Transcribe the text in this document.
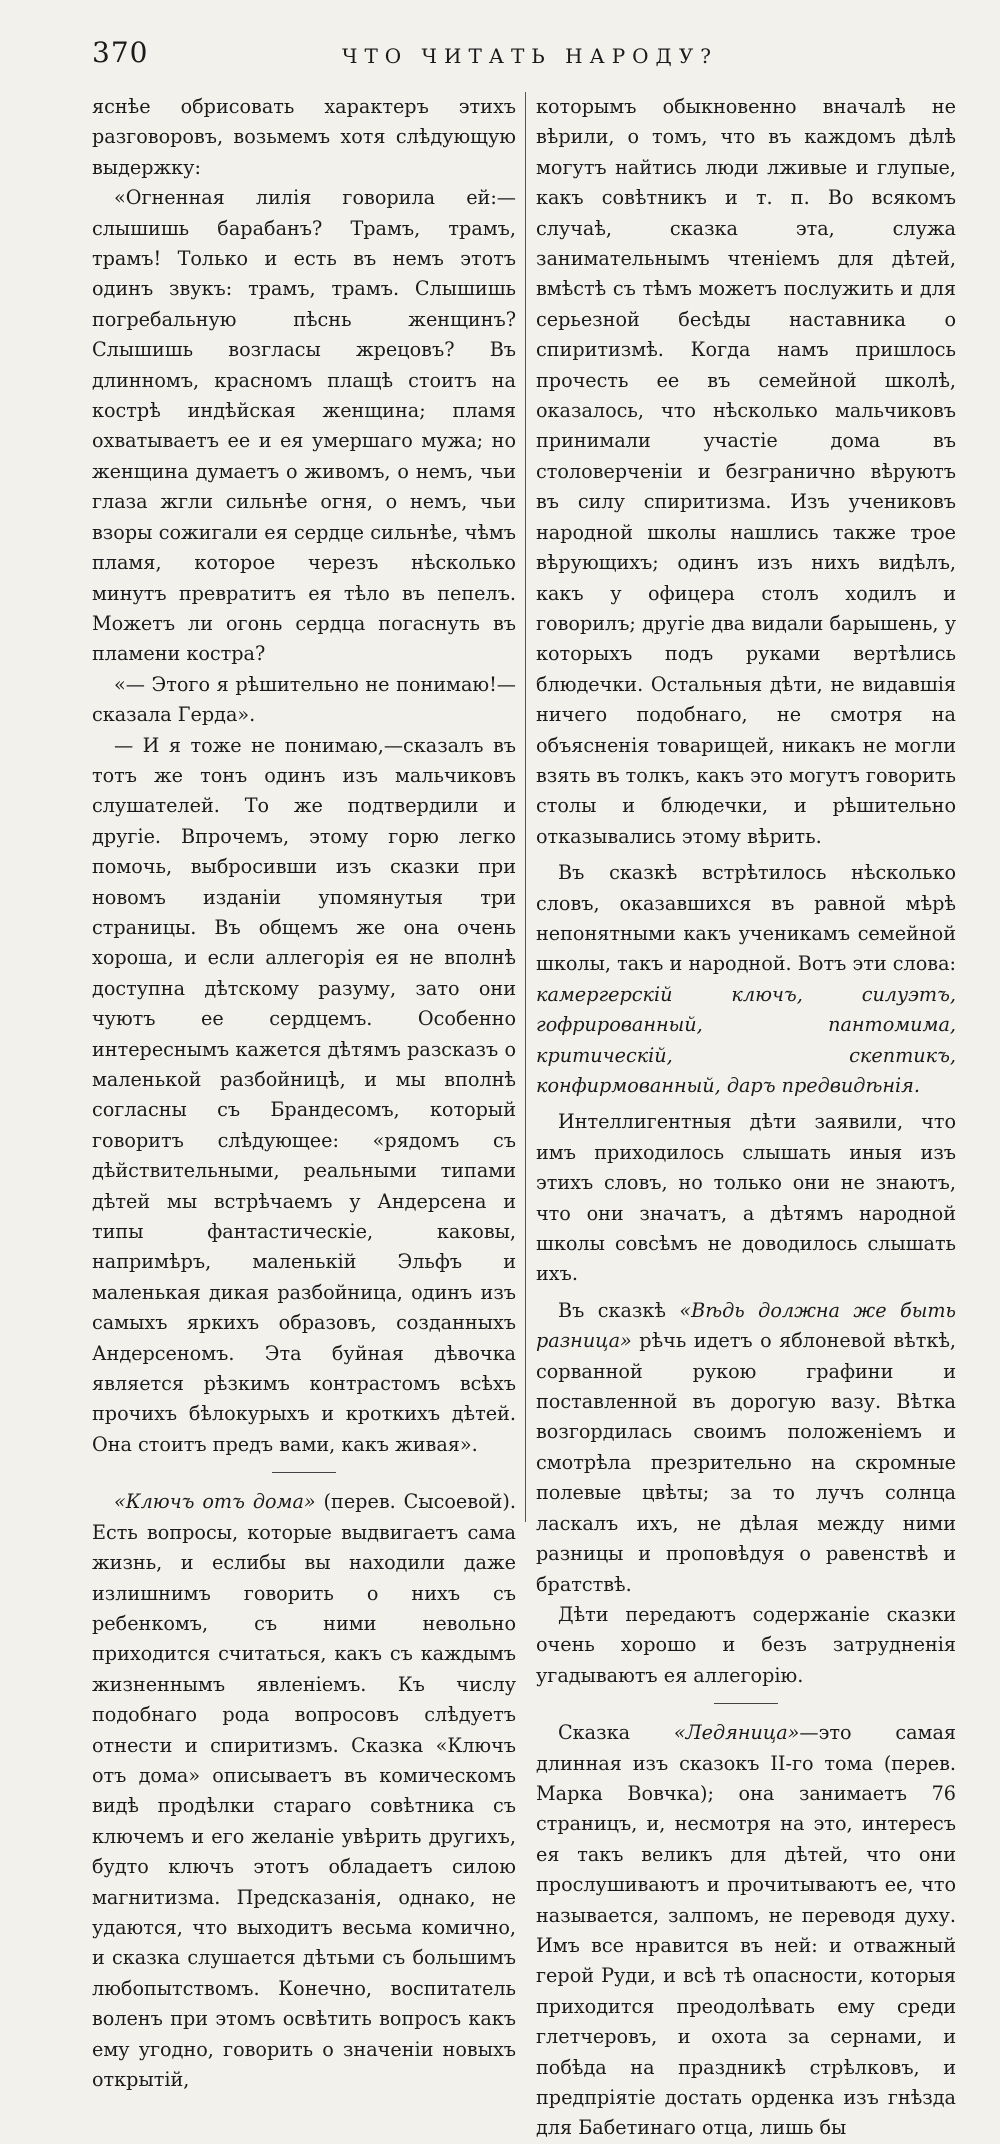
370	ЧТО ЧИТАТЬ НАРОДУ?

яснѣе обрисовать характеръ этихъ разговоровъ, возьмемъ хотя слѣдующую выдержку:

«Огненная лилія говорила ей:—слышишь барабанъ? Трамъ, трамъ, трамъ! Только и есть въ немъ этотъ одинъ звукъ: трамъ, трамъ. Слышишь погребальную пѣснь женщинъ? Слышишь возгласы жрецовъ? Въ длинномъ, красномъ плащѣ стоитъ на кострѣ индѣйская женщина; пламя охватываетъ ее и ея умершаго мужа; но женщина думаетъ о живомъ, о немъ, чьи глаза жгли сильнѣе огня, о немъ, чьи взоры сожигали ея сердце сильнѣе, чѣмъ пламя, которое черезъ нѣсколько минутъ превратитъ ея тѣло въ пепелъ. Можетъ ли огонь сердца погаснуть въ пламени костра?

«— Этого я рѣшительно не понимаю!—сказала Герда».

— И я тоже не понимаю,—сказалъ въ тотъ же тонъ одинъ изъ мальчиковъ слушателей. То же подтвердили и другіе. Впрочемъ, этому горю легко помочь, выбросивши изъ сказки при новомъ изданіи упомянутыя три страницы. Въ общемъ же она очень хороша, и если аллегорія ея не вполнѣ доступна дѣтскому разуму, зато они чуютъ ее сердцемъ. Особенно интереснымъ кажется дѣтямъ разсказъ о маленькой разбойницѣ, и мы вполнѣ согласны съ Брандесомъ, который говоритъ слѣдующее: «рядомъ съ дѣйствительными, реальными типами дѣтей мы встрѣчаемъ у Андерсена и типы фантастическіе, каковы, напримѣръ, маленькій Эльфъ и маленькая дикая разбойница, одинъ изъ самыхъ яркихъ образовъ, созданныхъ Андерсеномъ. Эта буйная дѣвочка является рѣзкимъ контрастомъ всѣхъ прочихъ бѣлокурыхъ и кроткихъ дѣтей. Она стоитъ предъ вами, какъ живая».

«Ключъ отъ дома» (перев. Сысоевой). Есть вопросы, которые выдвигаетъ сама жизнь, и еслибы вы находили даже излишнимъ говорить о нихъ съ ребенкомъ, съ ними невольно приходится считаться, какъ съ каждымъ жизненнымъ явленіемъ. Къ числу подобнаго рода вопросовъ слѣдуетъ отнести и спиритизмъ. Сказка «Ключъ отъ дома» описываетъ въ комическомъ видѣ продѣлки стараго совѣтника съ ключемъ и его желаніе увѣрить другихъ, будто ключъ этотъ обладаетъ силою магнитизма. Предсказанія, однако, не удаются, что выходитъ весьма комично, и сказка слушается дѣтьми съ большимъ любопытствомъ. Конечно, воспитатель воленъ при этомъ освѣтить вопросъ какъ ему угодно, говорить о значеніи новыхъ открытій,

которымъ обыкновенно вначалѣ не вѣрили, о томъ, что въ каждомъ дѣлѣ могутъ найтись люди лживые и глупые, какъ совѣтникъ и т. п. Во всякомъ случаѣ, сказка эта, служа занимательнымъ чтеніемъ для дѣтей, вмѣстѣ съ тѣмъ можетъ послужить и для серьезной бесѣды наставника о спиритизмѣ. Когда намъ пришлось прочесть ее въ семейной школѣ, оказалось, что нѣсколько мальчиковъ принимали участіе дома въ столоверченіи и безгранично вѣруютъ въ силу спиритизма. Изъ учениковъ народной школы нашлись также трое вѣрующихъ; одинъ изъ нихъ видѣлъ, какъ у офицера столъ ходилъ и говорилъ; другіе два видали барышень, у которыхъ подъ руками вертѣлись блюдечки. Остальныя дѣти, не видавшія ничего подобнаго, не смотря на объясненія товарищей, никакъ не могли взять въ толкъ, какъ это могутъ говорить столы и блюдечки, и рѣшительно отказывались этому вѣрить.

Въ сказкѣ встрѣтилось нѣсколько словъ, оказавшихся въ равной мѣрѣ непонятными какъ ученикамъ семейной школы, такъ и народной. Вотъ эти слова: камергерскій ключъ, силуэтъ, гофрированный, пантомима, критическій, скептикъ, конфирмованный, даръ предвидѣнія.

Интеллигентныя дѣти заявили, что имъ приходилось слышать иныя изъ этихъ словъ, но только они не знаютъ, что они значатъ, а дѣтямъ народной школы совсѣмъ не доводилось слышать ихъ.

Въ сказкѣ «Вѣдь должна же быть разница» рѣчь идетъ о яблоневой вѣткѣ, сорванной рукою графини и поставленной въ дорогую вазу. Вѣтка возгордилась своимъ положеніемъ и смотрѣла презрительно на скромные полевые цвѣты; за то лучъ солнца ласкалъ ихъ, не дѣлая между ними разницы и проповѣдуя о равенствѣ и братствѣ.

Дѣти передаютъ содержаніе сказки очень хорошо и безъ затрудненія угадываютъ ея аллегорію.

Сказка «Ледяница»—это самая длинная изъ сказокъ II-го тома (перев. Марка Вовчка); она занимаетъ 76 страницъ, и, несмотря на это, интересъ ея такъ великъ для дѣтей, что они прослушиваютъ и прочитываютъ ее, что называется, залпомъ, не переводя духу. Имъ все нравится въ ней: и отважный герой Руди, и всѣ тѣ опасности, которыя приходится преодолѣвать ему среди глетчеровъ, и охота за сернами, и побѣда на праздникѣ стрѣлковъ, и предпріятіе достать орденка изъ гнѣзда для Бабетинаго отца, лишь бы
